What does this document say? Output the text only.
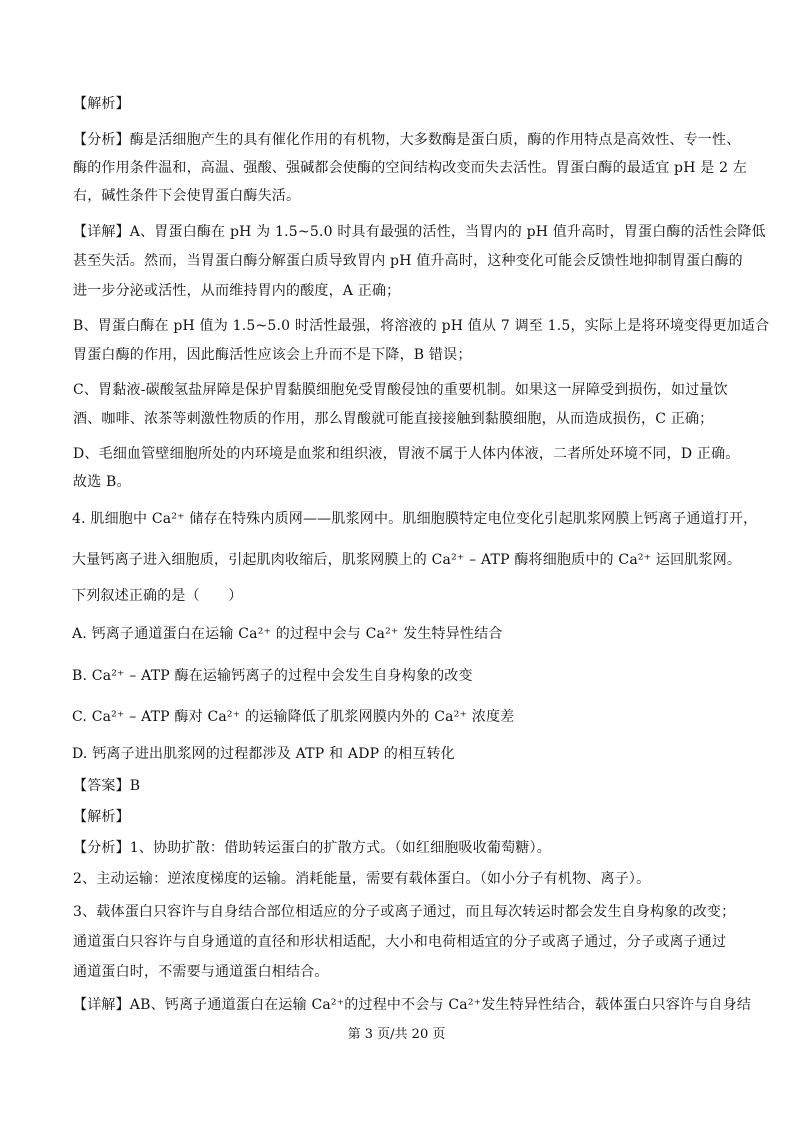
【解析】
【分析】酶是活细胞产生的具有催化作用的有机物，大多数酶是蛋白质，酶的作用特点是高效性、专一性、
酶的作用条件温和，高温、强酸、强碱都会使酶的空间结构改变而失去活性。胃蛋白酶的最适宜 pH 是 2 左
右，碱性条件下会使胃蛋白酶失活。
【详解】A、胃蛋白酶在 pH 为 1.5~5.0 时具有最强的活性，当胃内的 pH 值升高时，胃蛋白酶的活性会降低
甚至失活。然而，当胃蛋白酶分解蛋白质导致胃内 pH 值升高时，这种变化可能会反馈性地抑制胃蛋白酶的
进一步分泌或活性，从而维持胃内的酸度，A 正确；
B、胃蛋白酶在 pH 值为 1.5~5.0 时活性最强，将溶液的 pH 值从 7 调至 1.5，实际上是将环境变得更加适合
胃蛋白酶的作用，因此酶活性应该会上升而不是下降，B 错误；
C、胃黏液-碳酸氢盐屏障是保护胃黏膜细胞免受胃酸侵蚀的重要机制。如果这一屏障受到损伤，如过量饮
酒、咖啡、浓茶等刺激性物质的作用，那么胃酸就可能直接接触到黏膜细胞，从而造成损伤，C 正确；
D、毛细血管壁细胞所处的内环境是血浆和组织液，胃液不属于人体内体液，二者所处环境不同，D 正确。
故选 B。
4. 肌细胞中 Ca²⁺ 储存在特殊内质网——肌浆网中。肌细胞膜特定电位变化引起肌浆网膜上钙离子通道打开，
大量钙离子进入细胞质，引起肌肉收缩后，肌浆网膜上的 Ca²⁺ – ATP 酶将细胞质中的 Ca²⁺ 运回肌浆网。
下列叙述正确的是（　　）
A. 钙离子通道蛋白在运输 Ca²⁺ 的过程中会与 Ca²⁺ 发生特异性结合
B. Ca²⁺ – ATP 酶在运输钙离子的过程中会发生自身构象的改变
C. Ca²⁺ – ATP 酶对 Ca²⁺ 的运输降低了肌浆网膜内外的 Ca²⁺ 浓度差
D. 钙离子进出肌浆网的过程都涉及 ATP 和 ADP 的相互转化
【答案】B
【解析】
【分析】1、协助扩散：借助转运蛋白的扩散方式。（如红细胞吸收葡萄糖）。
2、主动运输：逆浓度梯度的运输。消耗能量，需要有载体蛋白。（如小分子有机物、离子）。
3、载体蛋白只容许与自身结合部位相适应的分子或离子通过，而且每次转运时都会发生自身构象的改变；
通道蛋白只容许与自身通道的直径和形状相适配，大小和电荷相适宜的分子或离子通过，分子或离子通过
通道蛋白时，不需要与通道蛋白相结合。
【详解】AB、钙离子通道蛋白在运输 Ca²⁺的过程中不会与 Ca²⁺发生特异性结合，载体蛋白只容许与自身结
第 3 页/共 20 页
